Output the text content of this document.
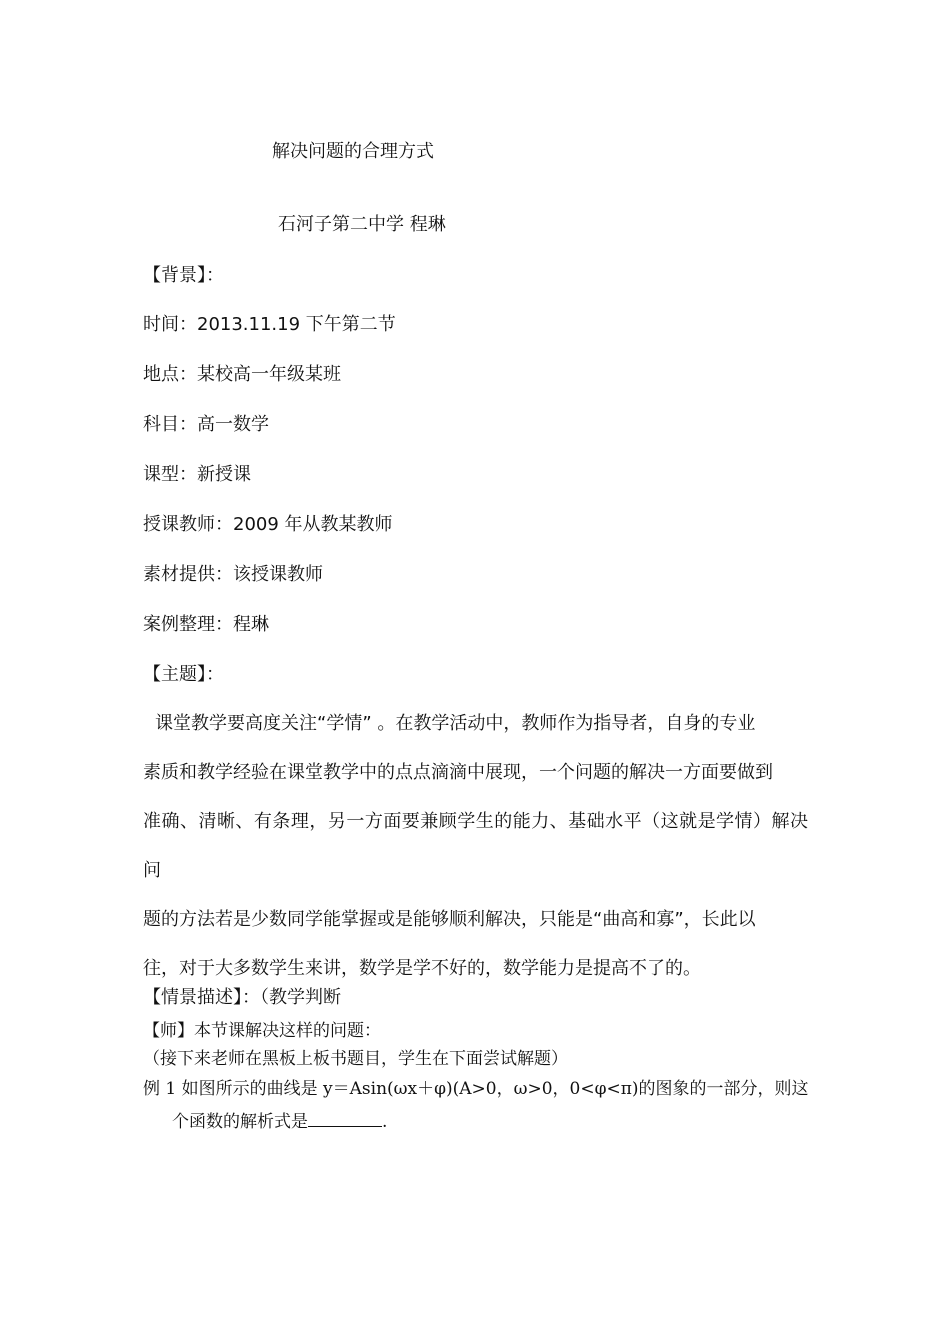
解决问题的合理方式
石河子第二中学 程琳
【背景】：
时间：2013.11.19 下午第二节
地点：某校高一年级某班
科目：高一数学
课型：新授课
授课教师：2009 年从教某教师
素材提供：该授课教师
案例整理：程琳
【主题】：

课堂教学要高度关注“学情” 。在教学活动中，教师作为指导者，自身的专业

素质和教学经验在课堂教学中的点点滴滴中展现，一个问题的解决一方面要做到

准确、清晰、有条理，另一方面要兼顾学生的能力、基础水平（这就是学情）解决问

题的方法若是少数同学能掌握或是能够顺利解决，只能是“曲高和寡”，长此以

往，对于大多数学生来讲，数学是学不好的，数学能力是提高不了的。

【情景描述】：（教学判断
【师】本节课解决这样的问题：
（接下来老师在黑板上板书题目，学生在下面尝试解题）
例 1 如图所示的曲线是 y＝Asin(ωx＋φ)(A>0，ω>0，0<φ<π)的图象的一部分，则这
个函数的解析式是	.
